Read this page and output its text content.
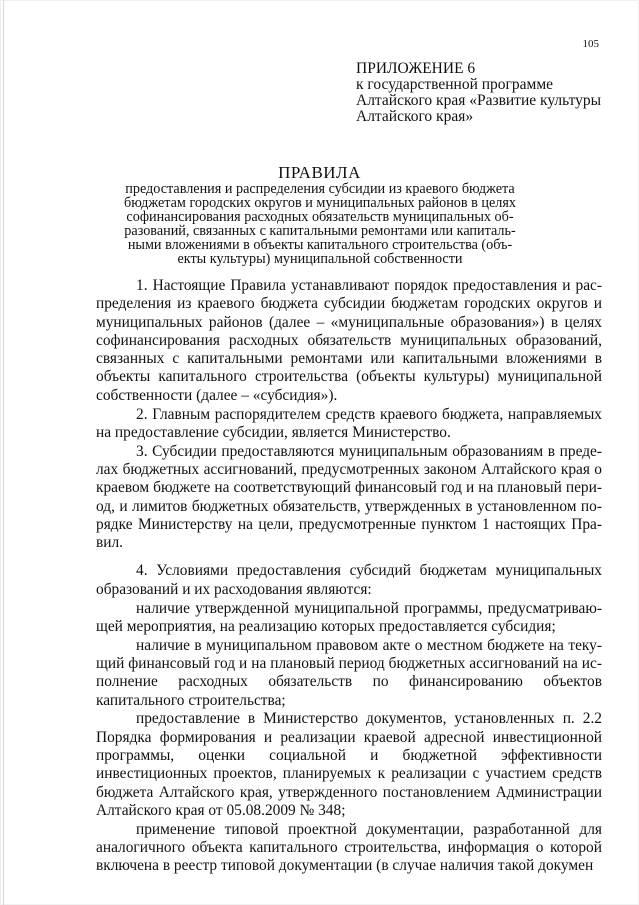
105
ПРИЛОЖЕНИЕ 6
к государственной программе
Алтайского края «Развитие культуры
Алтайского края»
ПРАВИЛА
предоставления и распределения субсидии из краевого бюджета
бюджетам городских округов и муниципальных районов в целях
софинансирования расходных обязательств муниципальных об-
разований, связанных с капитальными ремонтами или капиталь-
ными вложениями в объекты капитального строительства (объ-
екты культуры) муниципальной собственности

1. Настоящие Правила устанавливают порядок предоставления и распределения из краевого бюджета субсидии бюджетам городских округов и муниципальных районов (далее – «муниципальные образования») в целях софинансирования расходных обязательств муниципальных образований, связанных с капитальными ремонтами или капитальными вложениями в объекты капитального строительства (объекты культуры) муниципальной собственности (далее – «субсидия»).

2. Главным распорядителем средств краевого бюджета, направляемых на предоставление субсидии, является Министерство.

3. Субсидии предоставляются муниципальным образованиям в пределах бюджетных ассигнований, предусмотренных законом Алтайского края о краевом бюджете на соответствующий финансовый год и на плановый период, и лимитов бюджетных обязательств, утвержденных в установленном порядке Министерству на цели, предусмотренные пунктом 1 настоящих Правил.

4. Условиями предоставления субсидий бюджетам муниципальных образований и их расходования являются:

наличие утвержденной муниципальной программы, предусматривающей мероприятия, на реализацию которых предоставляется субсидия;

наличие в муниципальном правовом акте о местном бюджете на текущий финансовый год и на плановый период бюджетных ассигнований на исполнение расходных обязательств по финансированию объектов капитального строительства;

предоставление в Министерство документов, установленных п. 2.2 Порядка формирования и реализации краевой адресной инвестиционной программы, оценки социальной и бюджетной эффективности инвестиционных проектов, планируемых к реализации с участием средств бюджета Алтайского края, утвержденного постановлением Администрации Алтайского края от 05.08.2009 № 348;

применение типовой проектной документации, разработанной для аналогичного объекта капитального строительства, информация о которой включена в реестр типовой документации (в случае наличия такой докумен
